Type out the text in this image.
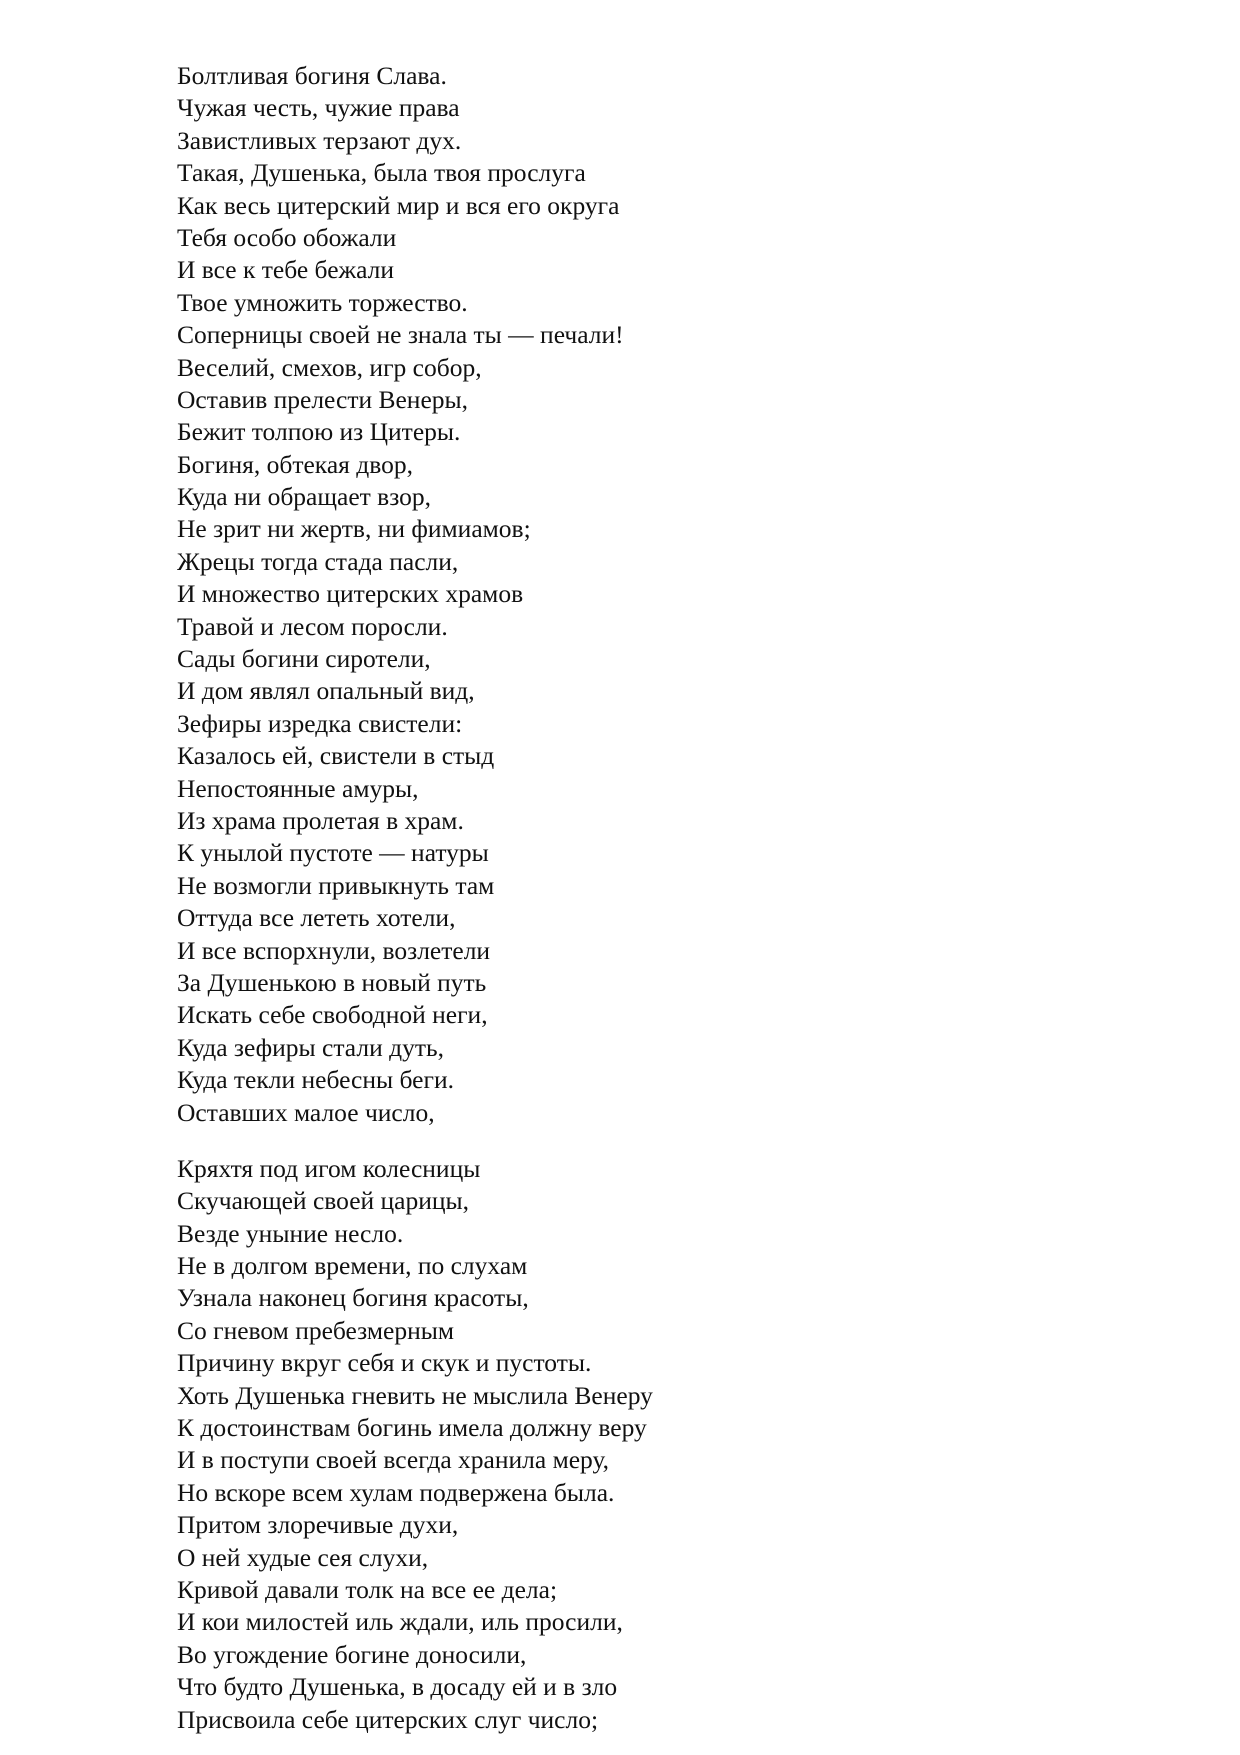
Болтливая богиня Слава.
Чужая честь, чужие права
Завистливых терзают дух.
Такая, Душенька, была твоя прослуга
Как весь цитерский мир и вся его округа
Тебя особо обожали
И все к тебе бежали
Твое умножить торжество.
Соперницы своей не знала ты — печали!
Веселий, смехов, игр собор,
Оставив прелести Венеры,
Бежит толпою из Цитеры.
Богиня, обтекая двор,
Куда ни обращает взор,
Не зрит ни жертв, ни фимиамов;
Жрецы тогда стада пасли,
И множество цитерских храмов
Травой и лесом поросли.
Сады богини сиротели,
И дом являл опальный вид,
Зефиры изредка свистели:
Казалось ей, свистели в стыд
Непостоянные амуры,
Из храма пролетая в храм.
К унылой пустоте — натуры
Не возмогли привыкнуть там
Оттуда все лететь хотели,
И все вспорхнули, возлетели
За Душенькою в новый путь
Искать себе свободной неги,
Куда зефиры стали дуть,
Куда текли небесны беги.
Оставших малое число,
Кряхтя под игом колесницы
Скучающей своей царицы,
Везде уныние несло.
Не в долгом времени, по слухам
Узнала наконец богиня красоты,
Со гневом пребезмерным
Причину вкруг себя и скук и пустоты.
Хоть Душенька гневить не мыслила Венеру
К достоинствам богинь имела должну веру
И в поступи своей всегда хранила меру,
Но вскоре всем хулам подвержена была.
Притом злоречивые духи,
О ней худые сея слухи,
Кривой давали толк на все ее дела;
И кои милостей иль ждали, иль просили,
Во угождение богине доносили,
Что будто Душенька, в досаду ей и в зло
Присвоила себе цитерских слуг число;
